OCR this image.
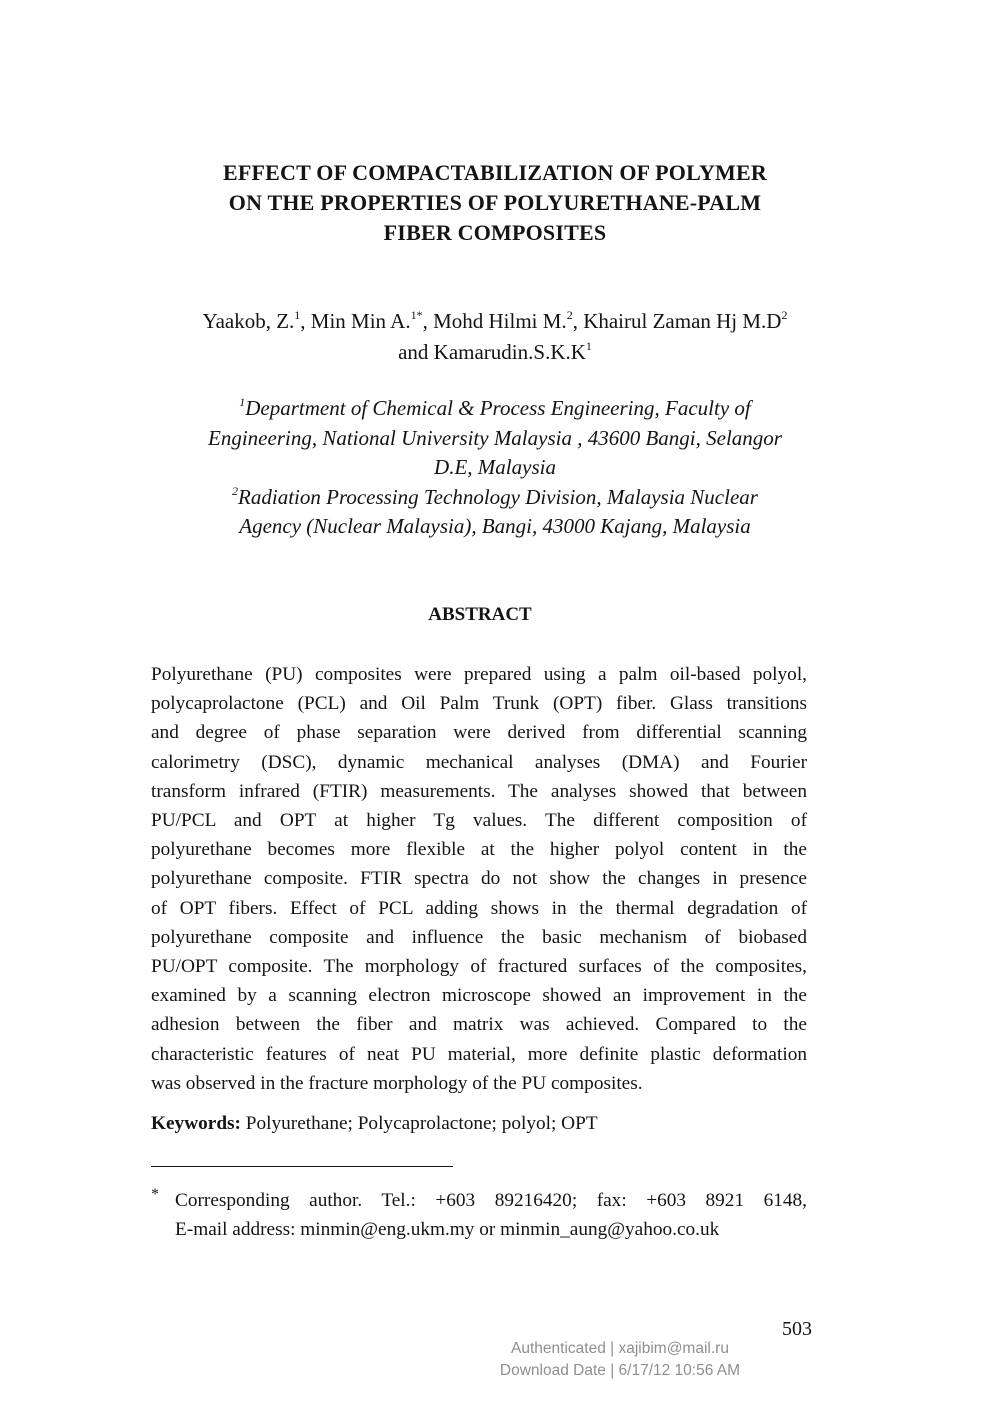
EFFECT OF COMPACTABILIZATION OF POLYMER
ON THE PROPERTIES OF POLYURETHANE-PALM
FIBER COMPOSITES
Yaakob, Z.$^1$, Min Min A.$^{1*}$, Mohd Hilmi M.$^2$, Khairul Zaman Hj $M.D^2$
and $Kamarudin.S.K.K^1$
$^1$Department of Chemical & Process Engineering, Faculty of
Engineering, National University Malaysia , 43600 Bangi, Selangor
D.E, Malaysia
$^2$Radiation Processing Technology Division, Malaysia Nuclear
Agency (Nuclear Malaysia), Bangi, 43000 Kajang, Malaysia
ABSTRACT
Polyurethane (PU) composites were prepared using a palm oil-based polyol,
polycaprolactone (PCL) and Oil Palm Trunk (OPT) fiber. Glass transitions
and degree of phase separation were derived from differential scanning
calorimetry (DSC), dynamic mechanical analyses (DMA) and Fourier
transform infrared (FTIR) measurements. The analyses showed that between
PU/PCL and OPT at higher Tg values. The different composition of
polyurethane becomes more flexible at the higher polyol content in the
polyurethane composite. FTIR spectra do not show the changes in presence
of OPT fibers. Effect of PCL adding shows in the thermal degradation of
polyurethane composite and influence the basic mechanism of biobased
PU/OPT composite. The morphology of fractured surfaces of the composites,
examined by a scanning electron microscope showed an improvement in the
adhesion between the fiber and matrix was achieved. Compared to the
characteristic features of neat PU material, more definite plastic deformation
was observed in the fracture morphology of the PU composites.
Keywords: Polyurethane; Polycaprolactone; polyol; OPT
* Corresponding author. Tel.: +603 89216420; fax: +603 8921 6148,
E-mail address: minmin@eng.ukm.my or minmin_aung@yahoo.co.uk
503
Authenticated | xajibim@mail.ru
Download Date | 6/17/12 10:56 AM
